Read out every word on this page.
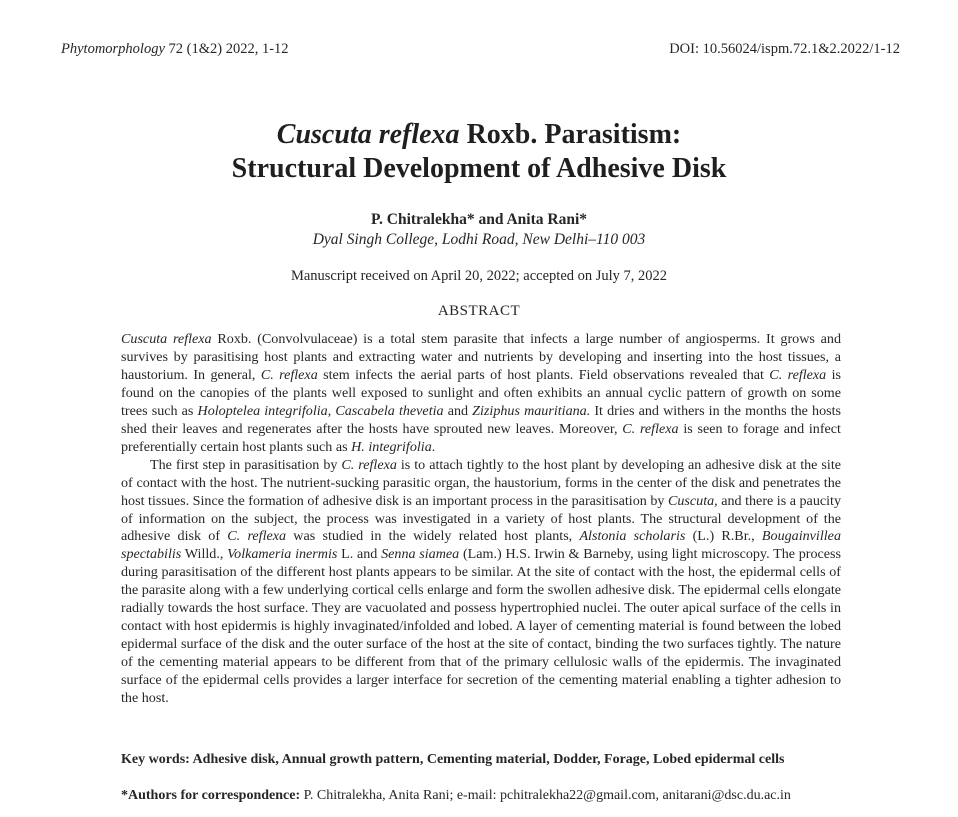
Phytomorphology 72 (1&2) 2022, 1-12	DOI: 10.56024/ispm.72.1&2.2022/1-12
Cuscuta reflexa Roxb. Parasitism:
Structural Development of Adhesive Disk
P. Chitralekha* and Anita Rani*
Dyal Singh College, Lodhi Road, New Delhi–110 003
Manuscript received on April 20, 2022; accepted on July 7, 2022
ABSTRACT

Cuscuta reflexa Roxb. (Convolvulaceae) is a total stem parasite that infects a large number of angiosperms. It grows and survives by parasitising host plants and extracting water and nutrients by developing and inserting into the host tissues, a haustorium. In general, C. reflexa stem infects the aerial parts of host plants. Field observations revealed that C. reflexa is found on the canopies of the plants well exposed to sunlight and often exhibits an annual cyclic pattern of growth on some trees such as Holoptelea integrifolia, Cascabela thevetia and Ziziphus mauritiana. It dries and withers in the months the hosts shed their leaves and regenerates after the hosts have sprouted new leaves. Moreover, C. reflexa is seen to forage and infect preferentially certain host plants such as H. integrifolia.

The first step in parasitisation by C. reflexa is to attach tightly to the host plant by developing an adhesive disk at the site of contact with the host. The nutrient-sucking parasitic organ, the haustorium, forms in the center of the disk and penetrates the host tissues. Since the formation of adhesive disk is an important process in the parasitisation by Cuscuta, and there is a paucity of information on the subject, the process was investigated in a variety of host plants. The structural development of the adhesive disk of C. reflexa was studied in the widely related host plants, Alstonia scholaris (L.) R.Br., Bougainvillea spectabilis Willd., Volkameria inermis L. and Senna siamea (Lam.) H.S. Irwin & Barneby, using light microscopy. The process during parasitisation of the different host plants appears to be similar. At the site of contact with the host, the epidermal cells of the parasite along with a few underlying cortical cells enlarge and form the swollen adhesive disk. The epidermal cells elongate radially towards the host surface. They are vacuolated and possess hypertrophied nuclei. The outer apical surface of the cells in contact with host epidermis is highly invaginated/infolded and lobed. A layer of cementing material is found between the lobed epidermal surface of the disk and the outer surface of the host at the site of contact, binding the two surfaces tightly. The nature of the cementing material appears to be different from that of the primary cellulosic walls of the epidermis. The invaginated surface of the epidermal cells provides a larger interface for secretion of the cementing material enabling a tighter adhesion to the host.

Key words: Adhesive disk, Annual growth pattern, Cementing material, Dodder, Forage, Lobed epidermal cells
*Authors for correspondence: P. Chitralekha, Anita Rani; e-mail: pchitralekha22@gmail.com, anitarani@dsc.du.ac.in
